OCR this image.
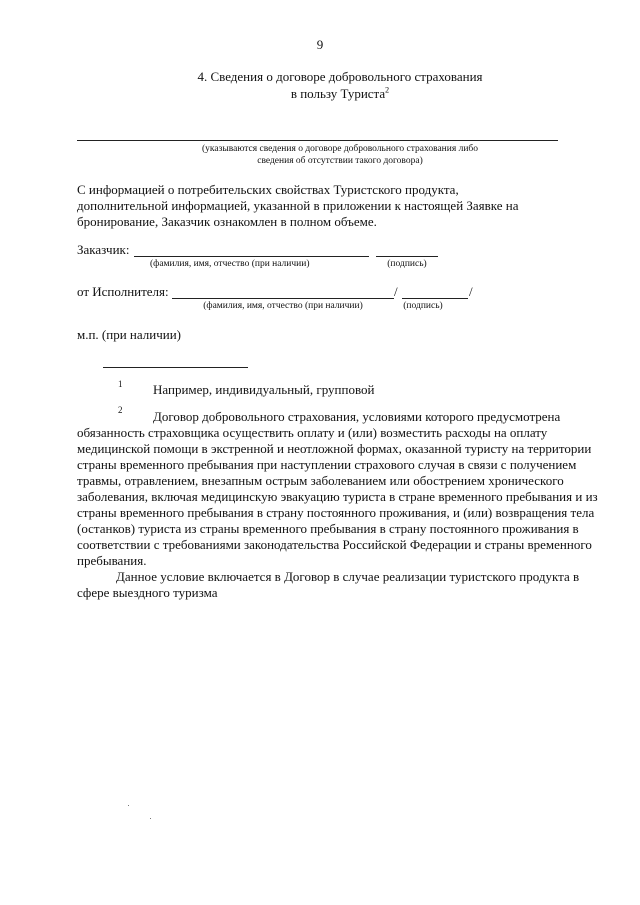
9
4. Сведения о договоре добровольного страхования
в пользу Туриста$^2$
(указываются сведения о договоре добровольного страхования либо
сведения об отсутствии такого договора)
С информацией о потребительских свойствах Туристского продукта,
дополнительной информацией, указанной в приложении к настоящей Заявке на
бронирование, Заказчик ознакомлен в полном объеме.
Заказчик:
(фамилия, имя, отчество (при наличии)	(подпись)
от Исполнителя:	/	/
(фамилия, имя, отчество (при наличии)	(подпись)
м.п. (при наличии)
1 Например, индивидуальный, групповой
2	Договор добровольного страхования, условиями которого предусмотрена
обязанность страховщика осуществить оплату и (или) возместить расходы на оплату
медицинской помощи в экстренной и неотложной формах, оказанной туристу на территории
страны временного пребывания при наступлении страхового случая в связи с получением
травмы, отравлением, внезапным острым заболеванием или обострением хронического
заболевания, включая медицинскую эвакуацию туриста в стране временного пребывания и из
страны временного пребывания в страну постоянного проживания, и (или) возвращения тела
(останков) туриста из страны временного пребывания в страну постоянного проживания в
соответствии с требованиями законодательства Российской Федерации и страны временного
пребывания.
Данное условие включается в Договор в случае реализации туристского продукта в
сфере выездного туризма
